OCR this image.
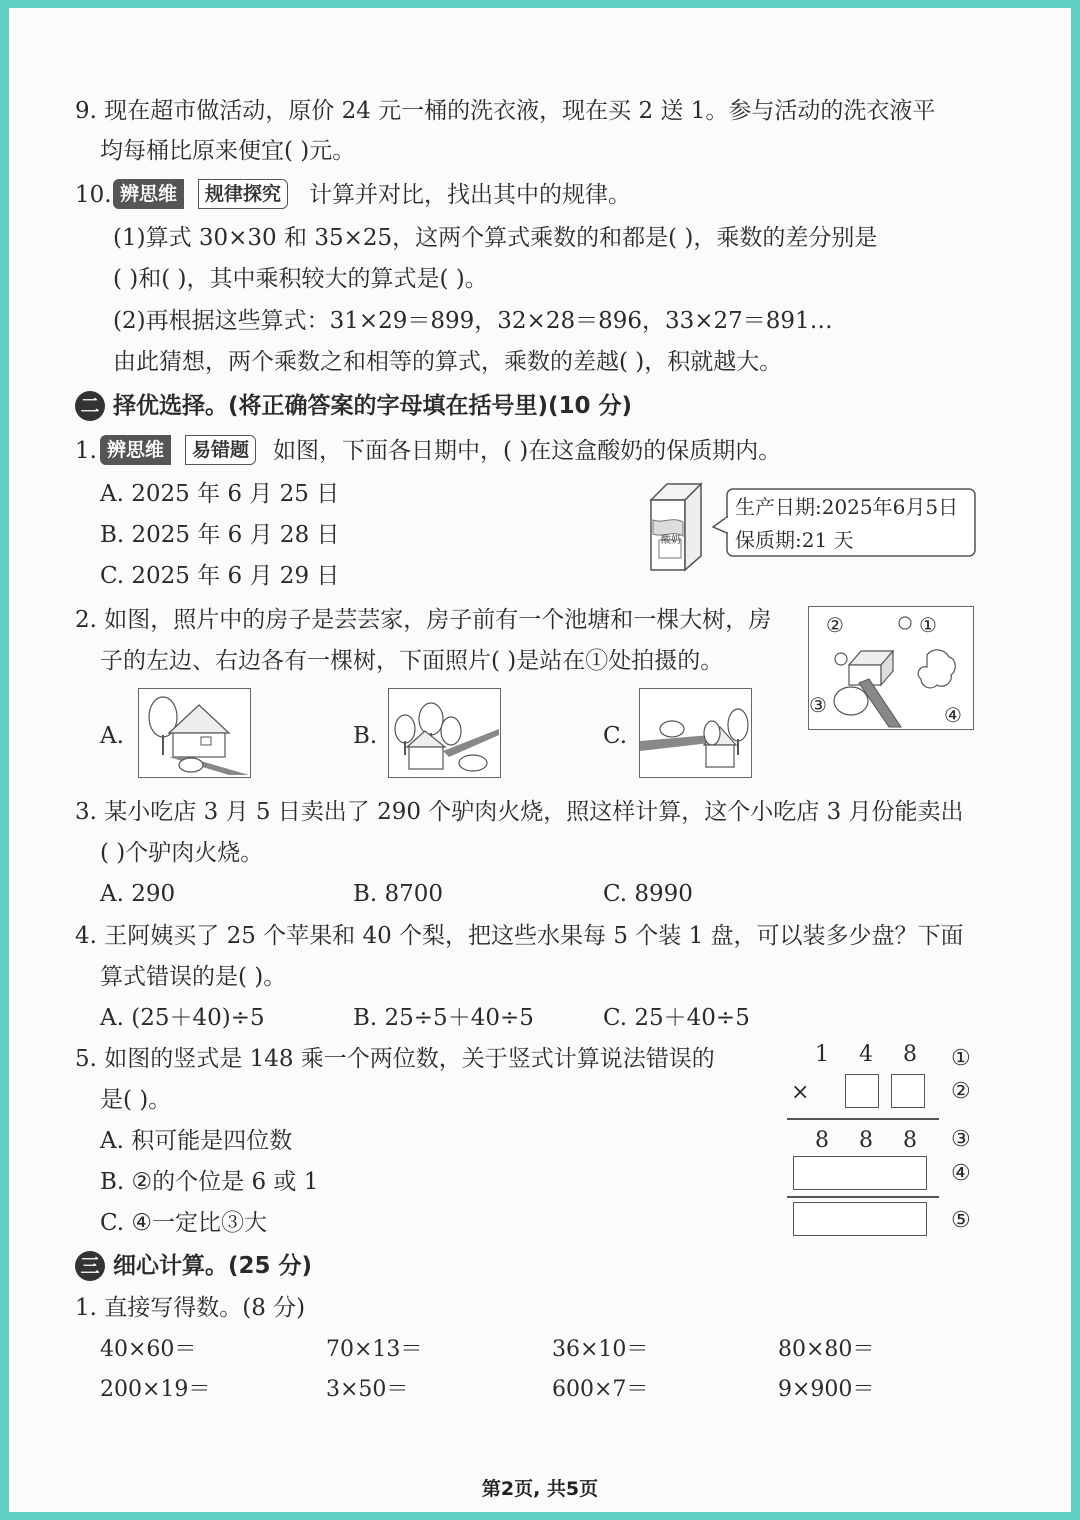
9. 现在超市做活动，原价 24 元一桶的洗衣液，现在买 2 送 1。参与活动的洗衣液平
均每桶比原来便宜( )元。
10. 辨思维	规律探究	计算并对比，找出其中的规律。
(1)算式 30×30 和 35×25，这两个算式乘数的和都是( )，乘数的差分别是
( )和( )，其中乘积较大的算式是( )。
(2)再根据这些算式：31×29＝899，32×28＝896，33×27＝891…
由此猜想，两个乘数之和相等的算式，乘数的差越( )，积就越大。
二 择优选择。(将正确答案的字母填在括号里)(10 分)
1. 辨思维	易错题	如图，下面各日期中，( )在这盒酸奶的保质期内。
A. 2025 年 6 月 25 日
B. 2025 年 6 月 28 日
C. 2025 年 6 月 29 日
酸奶
生产日期:2025年6月5日
保质期:21 天
2. 如图，照片中的房子是芸芸家，房子前有一个池塘和一棵大树，房
子的左边、右边各有一棵树，下面照片( )是站在①处拍摄的。
②	①
③	④
A.	B.	C.
3. 某小吃店 3 月 5 日卖出了 290 个驴肉火烧，照这样计算，这个小吃店 3 月份能卖出
( )个驴肉火烧。
A. 290	B. 8700	C. 8990
4. 王阿姨买了 25 个苹果和 40 个梨，把这些水果每 5 个装 1 盘，可以装多少盘？下面
算式错误的是( )。
A. (25＋40)÷5	B. 25÷5＋40÷5	C. 25＋40÷5
5. 如图的竖式是 148 乘一个两位数，关于竖式计算说法错误的
是( )。
A. 积可能是四位数
B. ②的个位是 6 或 1
C. ④一定比③大
1 4 8
×
8 8 8
①
②
③
④
⑤
三 细心计算。(25 分)
1. 直接写得数。(8 分)
40×60＝	70×13＝	36×10＝	80×80＝
200×19＝	3×50＝	600×7＝	9×900＝
第2页, 共5页
